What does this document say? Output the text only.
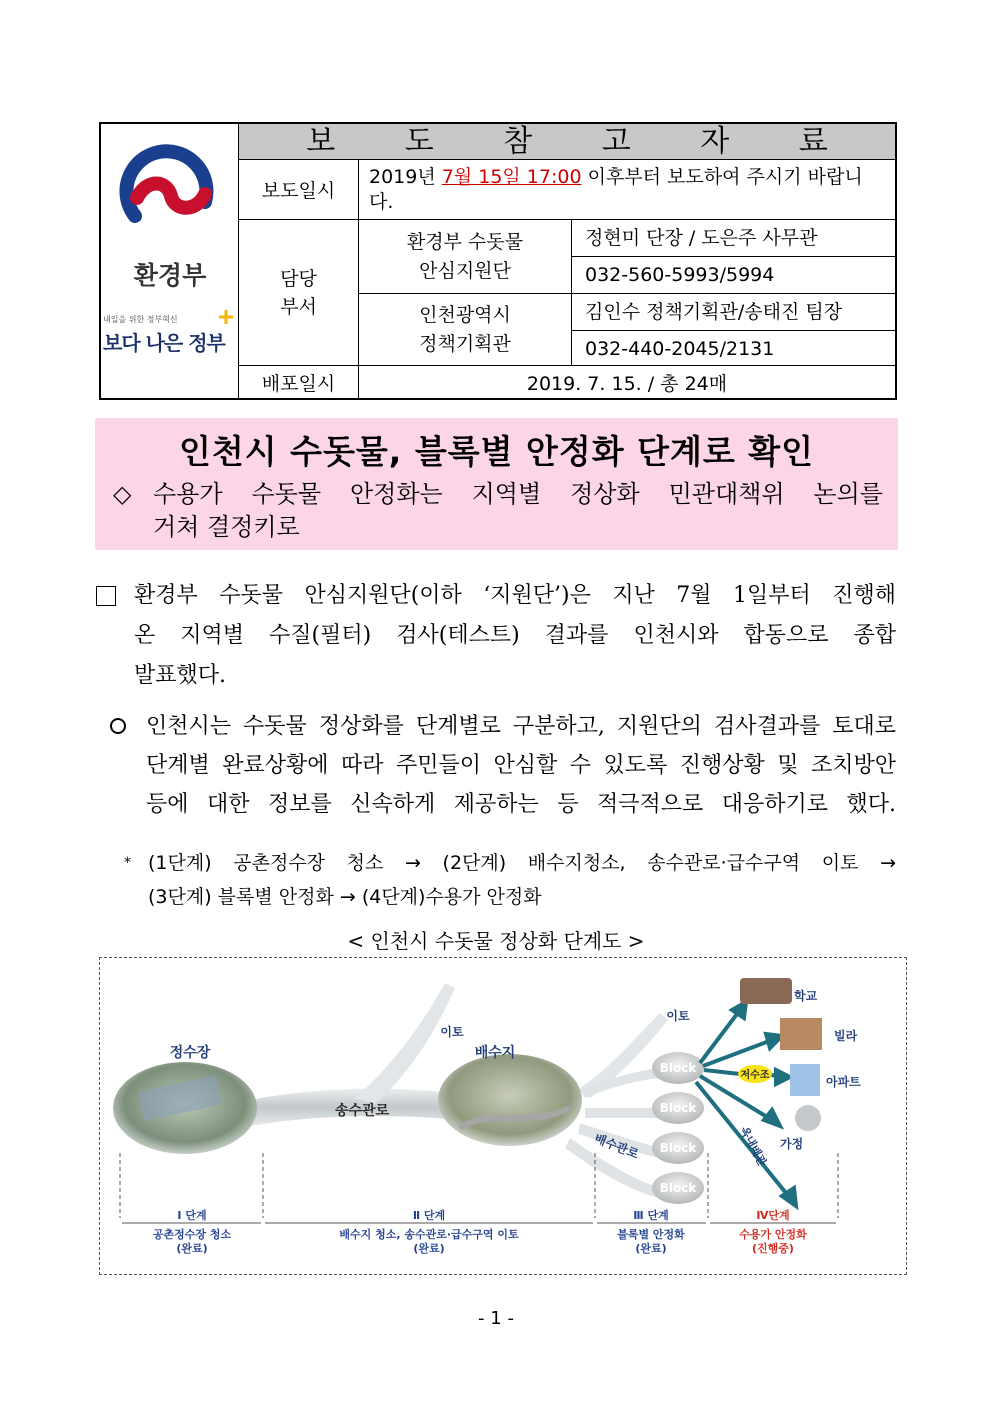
환경부
내일을 위한 정부혁신
보다 나은 정부
보 도 참 고 자 료
보도일시
2019년 7월 15일 17:00 이후부터 보도하여 주시기 바랍니다.
담당
부서
환경부 수돗물
안심지원단
정현미 단장 / 도은주 사무관
032-560-5993/5994
인천광역시
정책기획관
김인수 정책기획관/송태진 팀장
032-440-2045/2131
배포일시	2019. 7. 15. / 총 24매
인천시 수돗물, 블록별 안정화 단계로 확인
◇ 수용가 수돗물 안정화는 지역별 정상화 민관대책위 논의를
거쳐 결정키로
환경부 수돗물 안심지원단(이하 ‘지원단’)은 지난 7월 1일부터 진행해
온 지역별 수질(필터) 검사(테스트) 결과를 인천시와 합동으로 종합
발표했다.
인천시는 수돗물 정상화를 단계별로 구분하고, 지원단의 검사결과를 토대로
단계별 완료상황에 따라 주민들이 안심할 수 있도록 진행상황 및 조치방안
등에 대한 정보를 신속하게 제공하는 등 적극적으로 대응하기로 했다.
* (1단계) 공촌정수장 청소 → (2단계) 배수지청소, 송수관로·급수구역 이토 →
(3단계) 블록별 안정화 → (4단계)수용가 안정화
< 인천시 수돗물 정상화 단계도 >
정수장	배수지
송수관로
이토
이토
배수관로
Block
Block
Block
Block
저수조
옥내배관
학교
빌라
아파트
가정
Ⅰ 단계
공촌정수장 청소
(완료)
Ⅱ 단계
배수지 청소, 송수관로·급수구역 이토
(완료)
Ⅲ 단계
블록별 안정화
(완료)
Ⅳ단계
수용가 안정화
(진행중)
- 1 -
